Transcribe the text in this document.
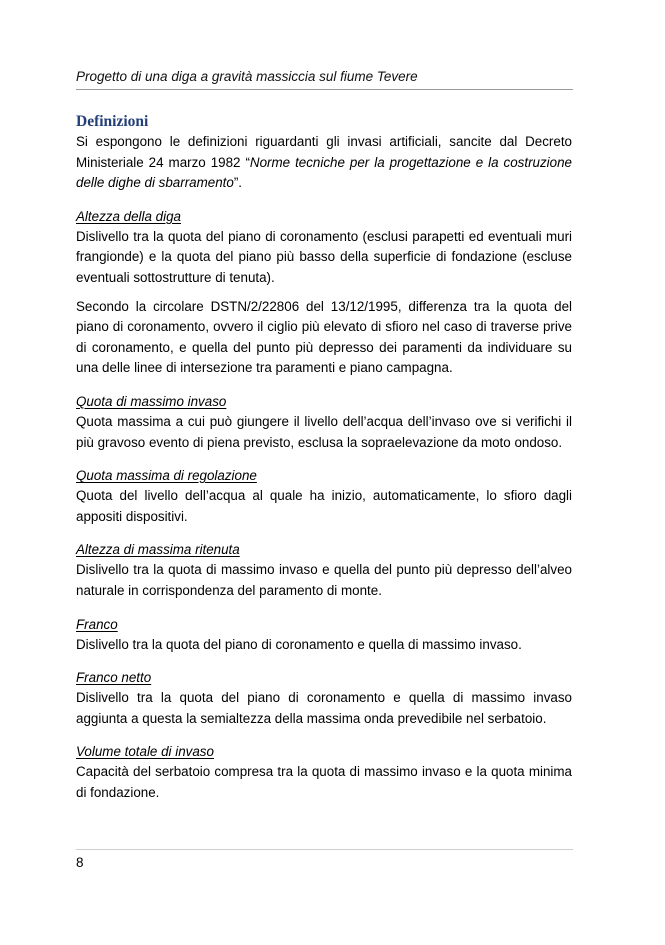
Progetto di una diga a gravità massiccia sul fiume Tevere
Definizioni

Si espongono le definizioni riguardanti gli invasi artificiali, sancite dal Decreto Ministeriale 24 marzo 1982 “Norme tecniche per la progettazione e la costruzione delle dighe di sbarramento”.

Altezza della diga

Dislivello tra la quota del piano di coronamento (esclusi parapetti ed eventuali muri frangionde) e la quota del piano più basso della superficie di fondazione (escluse eventuali sottostrutture di tenuta).

Secondo la circolare DSTN/2/22806 del 13/12/1995, differenza tra la quota del piano di coronamento, ovvero il ciglio più elevato di sfioro nel caso di traverse prive di coronamento, e quella del punto più depresso dei paramenti da individuare su una delle linee di intersezione tra paramenti e piano campagna.

Quota di massimo invaso

Quota massima a cui può giungere il livello dell’acqua dell’invaso ove si verifichi il più gravoso evento di piena previsto, esclusa la sopraelevazione da moto ondoso.

Quota massima di regolazione

Quota del livello dell’acqua al quale ha inizio, automaticamente, lo sfioro dagli appositi dispositivi.

Altezza di massima ritenuta

Dislivello tra la quota di massimo invaso e quella del punto più depresso dell’alveo naturale in corrispondenza del paramento di monte.

Franco

Dislivello tra la quota del piano di coronamento e quella di massimo invaso.

Franco netto

Dislivello tra la quota del piano di coronamento e quella di massimo invaso aggiunta a questa la semialtezza della massima onda prevedibile nel serbatoio.

Volume totale di invaso

Capacità del serbatoio compresa tra la quota di massimo invaso e la quota minima di fondazione.

8
